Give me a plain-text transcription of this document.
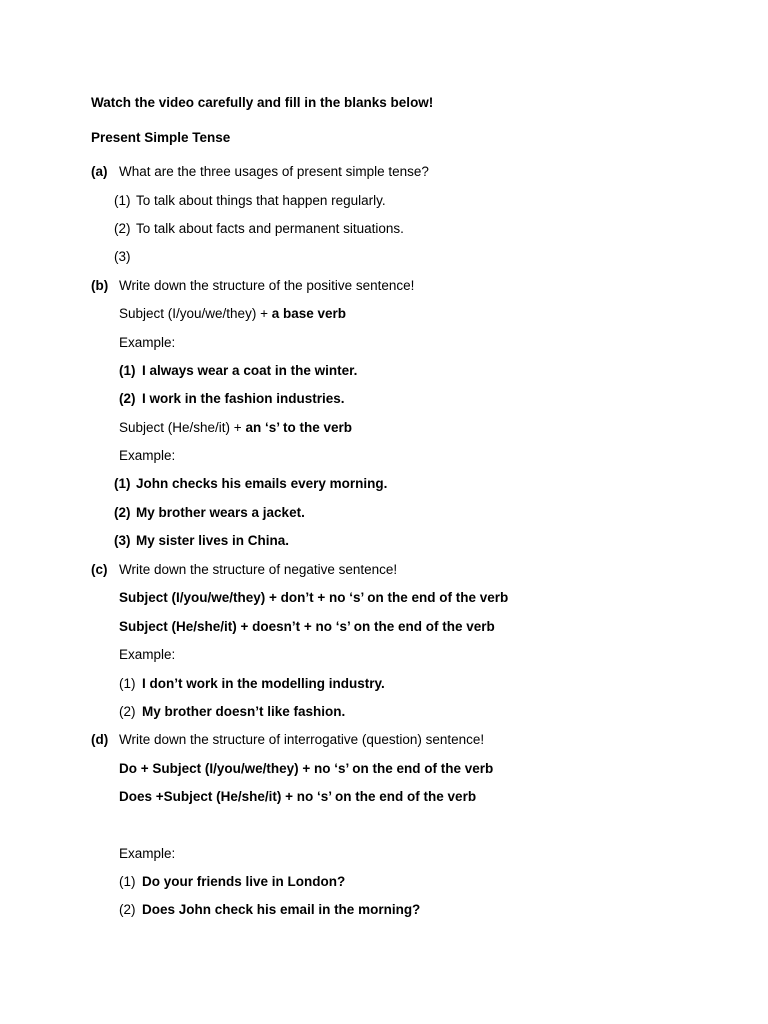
Watch the video carefully and fill in the blanks below!
Present Simple Tense
(a) What are the three usages of present simple tense?
(1) To talk about things that happen regularly.
(2) To talk about facts and permanent situations.
(3)
(b) Write down the structure of the positive sentence!
Subject (I/you/we/they) + a base verb
Example:
(1) I always wear a coat in the winter.
(2) I work in the fashion industries.
Subject (He/she/it) + an ‘s’ to the verb
Example:
(1) John checks his emails every morning.
(2) My brother wears a jacket.
(3) My sister lives in China.
(c) Write down the structure of negative sentence!
Subject (I/you/we/they) + don’t + no ‘s’ on the end of the verb
Subject (He/she/it) + doesn’t + no ‘s’ on the end of the verb
Example:
(1) I don’t work in the modelling industry.
(2) My brother doesn’t like fashion.
(d) Write down the structure of interrogative (question) sentence!
Do + Subject (I/you/we/they) + no ‘s’ on the end of the verb
Does +Subject (He/she/it) + no ‘s’ on the end of the verb
Example:
(1) Do your friends live in London?
(2) Does John check his email in the morning?
